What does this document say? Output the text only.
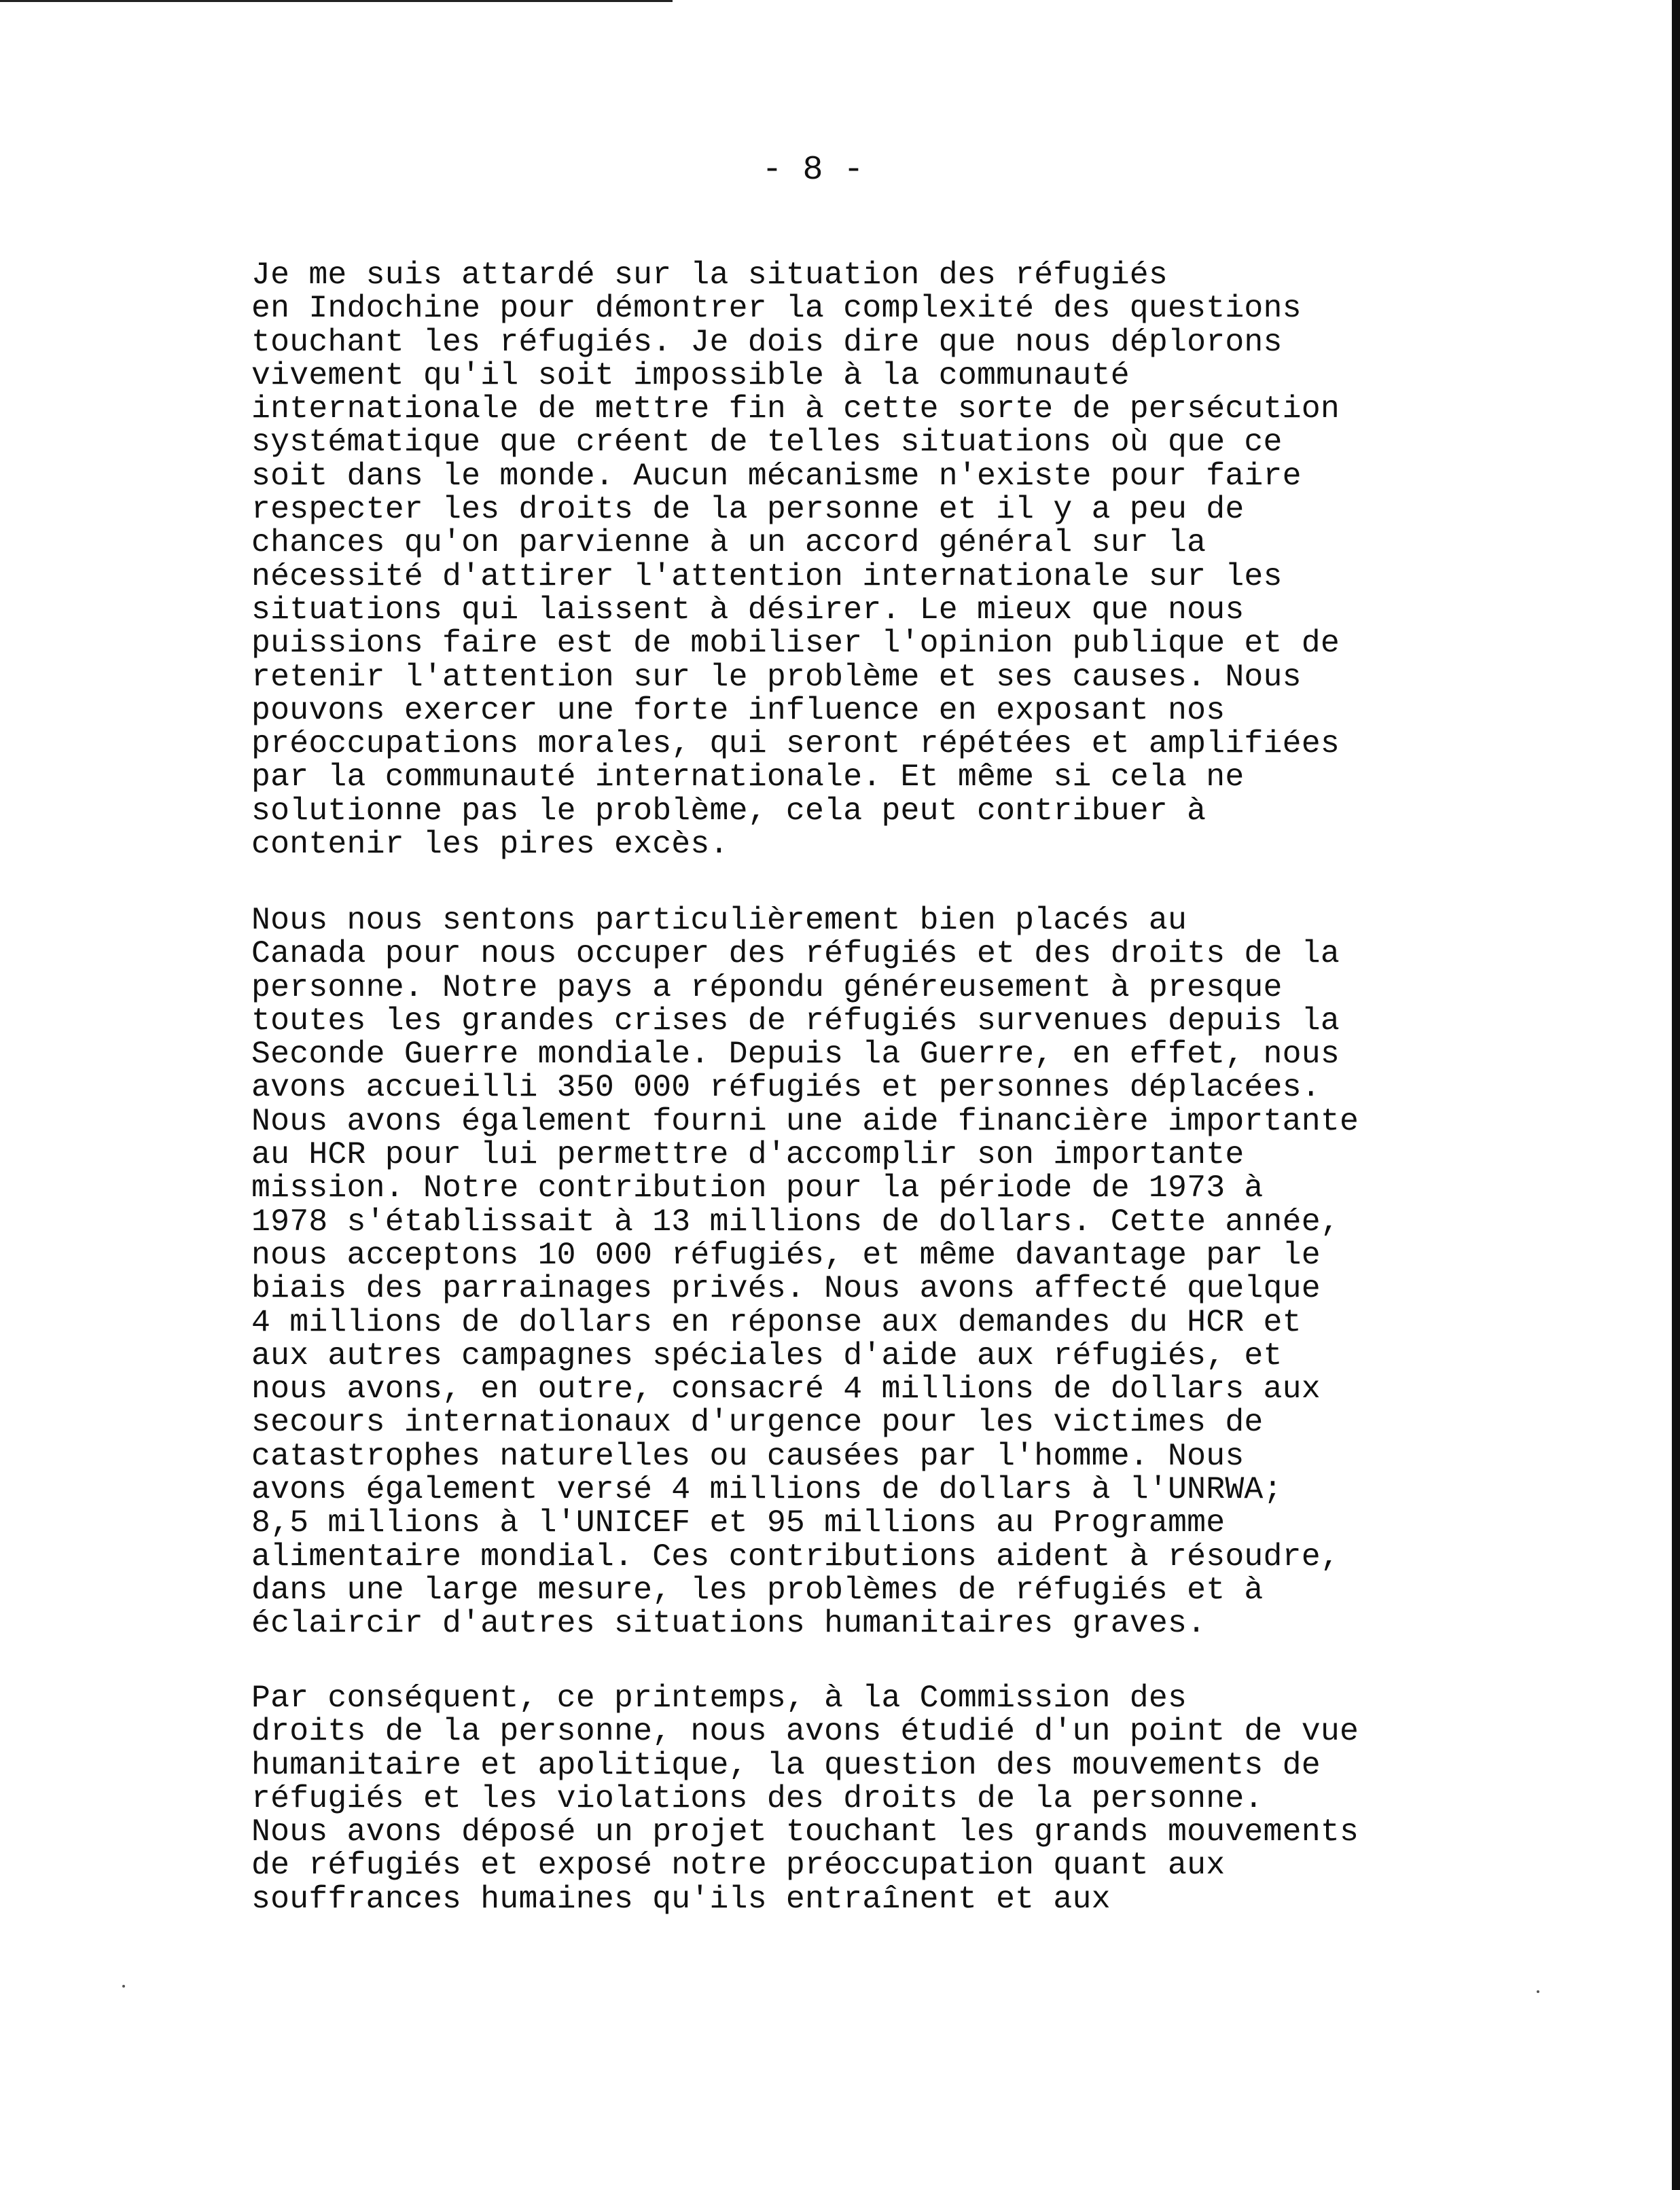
- 8 -

Je me suis attardé sur la situation des réfugiés
en Indochine pour démontrer la complexité des questions
touchant les réfugiés. Je dois dire que nous déplorons
vivement qu'il soit impossible à la communauté
internationale de mettre fin à cette sorte de persécution
systématique que créent de telles situations où que ce
soit dans le monde. Aucun mécanisme n'existe pour faire
respecter les droits de la personne et il y a peu de
chances qu'on parvienne à un accord général sur la
nécessité d'attirer l'attention internationale sur les
situations qui laissent à désirer. Le mieux que nous
puissions faire est de mobiliser l'opinion publique et de
retenir l'attention sur le problème et ses causes. Nous
pouvons exercer une forte influence en exposant nos
préoccupations morales, qui seront répétées et amplifiées
par la communauté internationale. Et même si cela ne
solutionne pas le problème, cela peut contribuer à
contenir les pires excès.

Nous nous sentons particulièrement bien placés au
Canada pour nous occuper des réfugiés et des droits de la
personne. Notre pays a répondu généreusement à presque
toutes les grandes crises de réfugiés survenues depuis la
Seconde Guerre mondiale. Depuis la Guerre, en effet, nous
avons accueilli 350 000 réfugiés et personnes déplacées.
Nous avons également fourni une aide financière importante
au HCR pour lui permettre d'accomplir son importante
mission. Notre contribution pour la période de 1973 à
1978 s'établissait à 13 millions de dollars. Cette année,
nous acceptons 10 000 réfugiés, et même davantage par le
biais des parrainages privés. Nous avons affecté quelque
4 millions de dollars en réponse aux demandes du HCR et
aux autres campagnes spéciales d'aide aux réfugiés, et
nous avons, en outre, consacré 4 millions de dollars aux
secours internationaux d'urgence pour les victimes de
catastrophes naturelles ou causées par l'homme. Nous
avons également versé 4 millions de dollars à l'UNRWA;
8,5 millions à l'UNICEF et 95 millions au Programme
alimentaire mondial. Ces contributions aident à résoudre,
dans une large mesure, les problèmes de réfugiés et à
éclaircir d'autres situations humanitaires graves.

Par conséquent, ce printemps, à la Commission des
droits de la personne, nous avons étudié d'un point de vue
humanitaire et apolitique, la question des mouvements de
réfugiés et les violations des droits de la personne.
Nous avons déposé un projet touchant les grands mouvements
de réfugiés et exposé notre préoccupation quant aux
souffrances humaines qu'ils entraînent et aux
